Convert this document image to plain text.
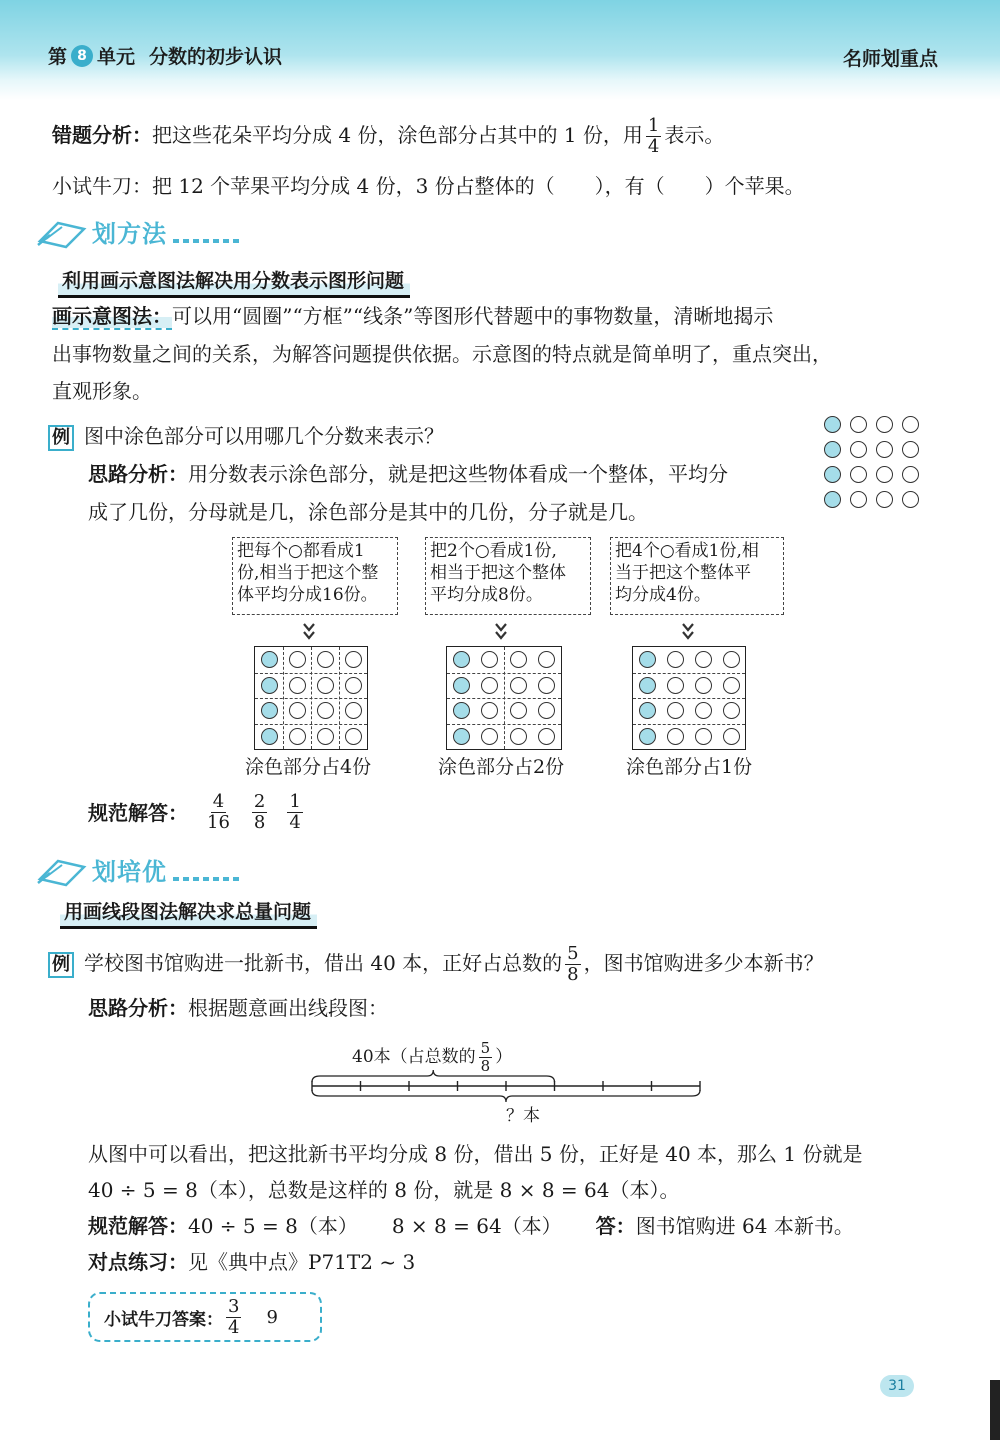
第 8 单元 分数的初步认识	名师划重点
错题分析：把这些花朵平均分成 4 份，涂色部分占其中的 1 份，用 $\frac{1}{4}$ 表示。
小试牛刀：把 12 个苹果平均分成 4 份，3 份占整体的（　　），有（　　）个苹果。
划方法
利用画示意图法解决用分数表示图形问题
画示意图法：可以用“圆圈”“方框”“线条”等图形代替题中的事物数量，清晰地揭示
出事物数量之间的关系，为解答问题提供依据。示意图的特点就是简单明了，重点突出，
直观形象。
例 图中涂色部分可以用哪几个分数来表示？
思路分析：用分数表示涂色部分，就是把这些物体看成一个整体，平均分
成了几份，分母就是几，涂色部分是其中的几份，分子就是几。
把每个○都看成1
份,相当于把这个整
体平均分成16份。
把2个○看成1份,
相当于把这个整体
平均分成8份。
把4个○看成1份,相
当于把这个整体平
均分成4份。
涂色部分占4份	涂色部分占2份	涂色部分占1份
规范解答： $\frac{4}{16} \frac{2}{8} \frac{1}{4}$
划培优
用画线段图法解决求总量问题
例 学校图书馆购进一批新书，借出 40 本，正好占总数的 $\frac{5}{8}$ ，图书馆购进多少本新书？
思路分析：根据题意画出线段图：
40本（占总数的 $\frac{5}{8}$ ）
？本
从图中可以看出，把这批新书平均分成 8 份，借出 5 份，正好是 40 本，那么 1 份就是
40 ÷ 5 = 8（本），总数是这样的 8 份，就是 8 × 8 = 64（本）。
规范解答：40 ÷ 5 = 8（本） 8 × 8 = 64（本） 答：图书馆购进 64 本新书。
对点练习：见《典中点》P71T2 ~ 3
小试牛刀答案： $\frac{3}{4} 9$
31
